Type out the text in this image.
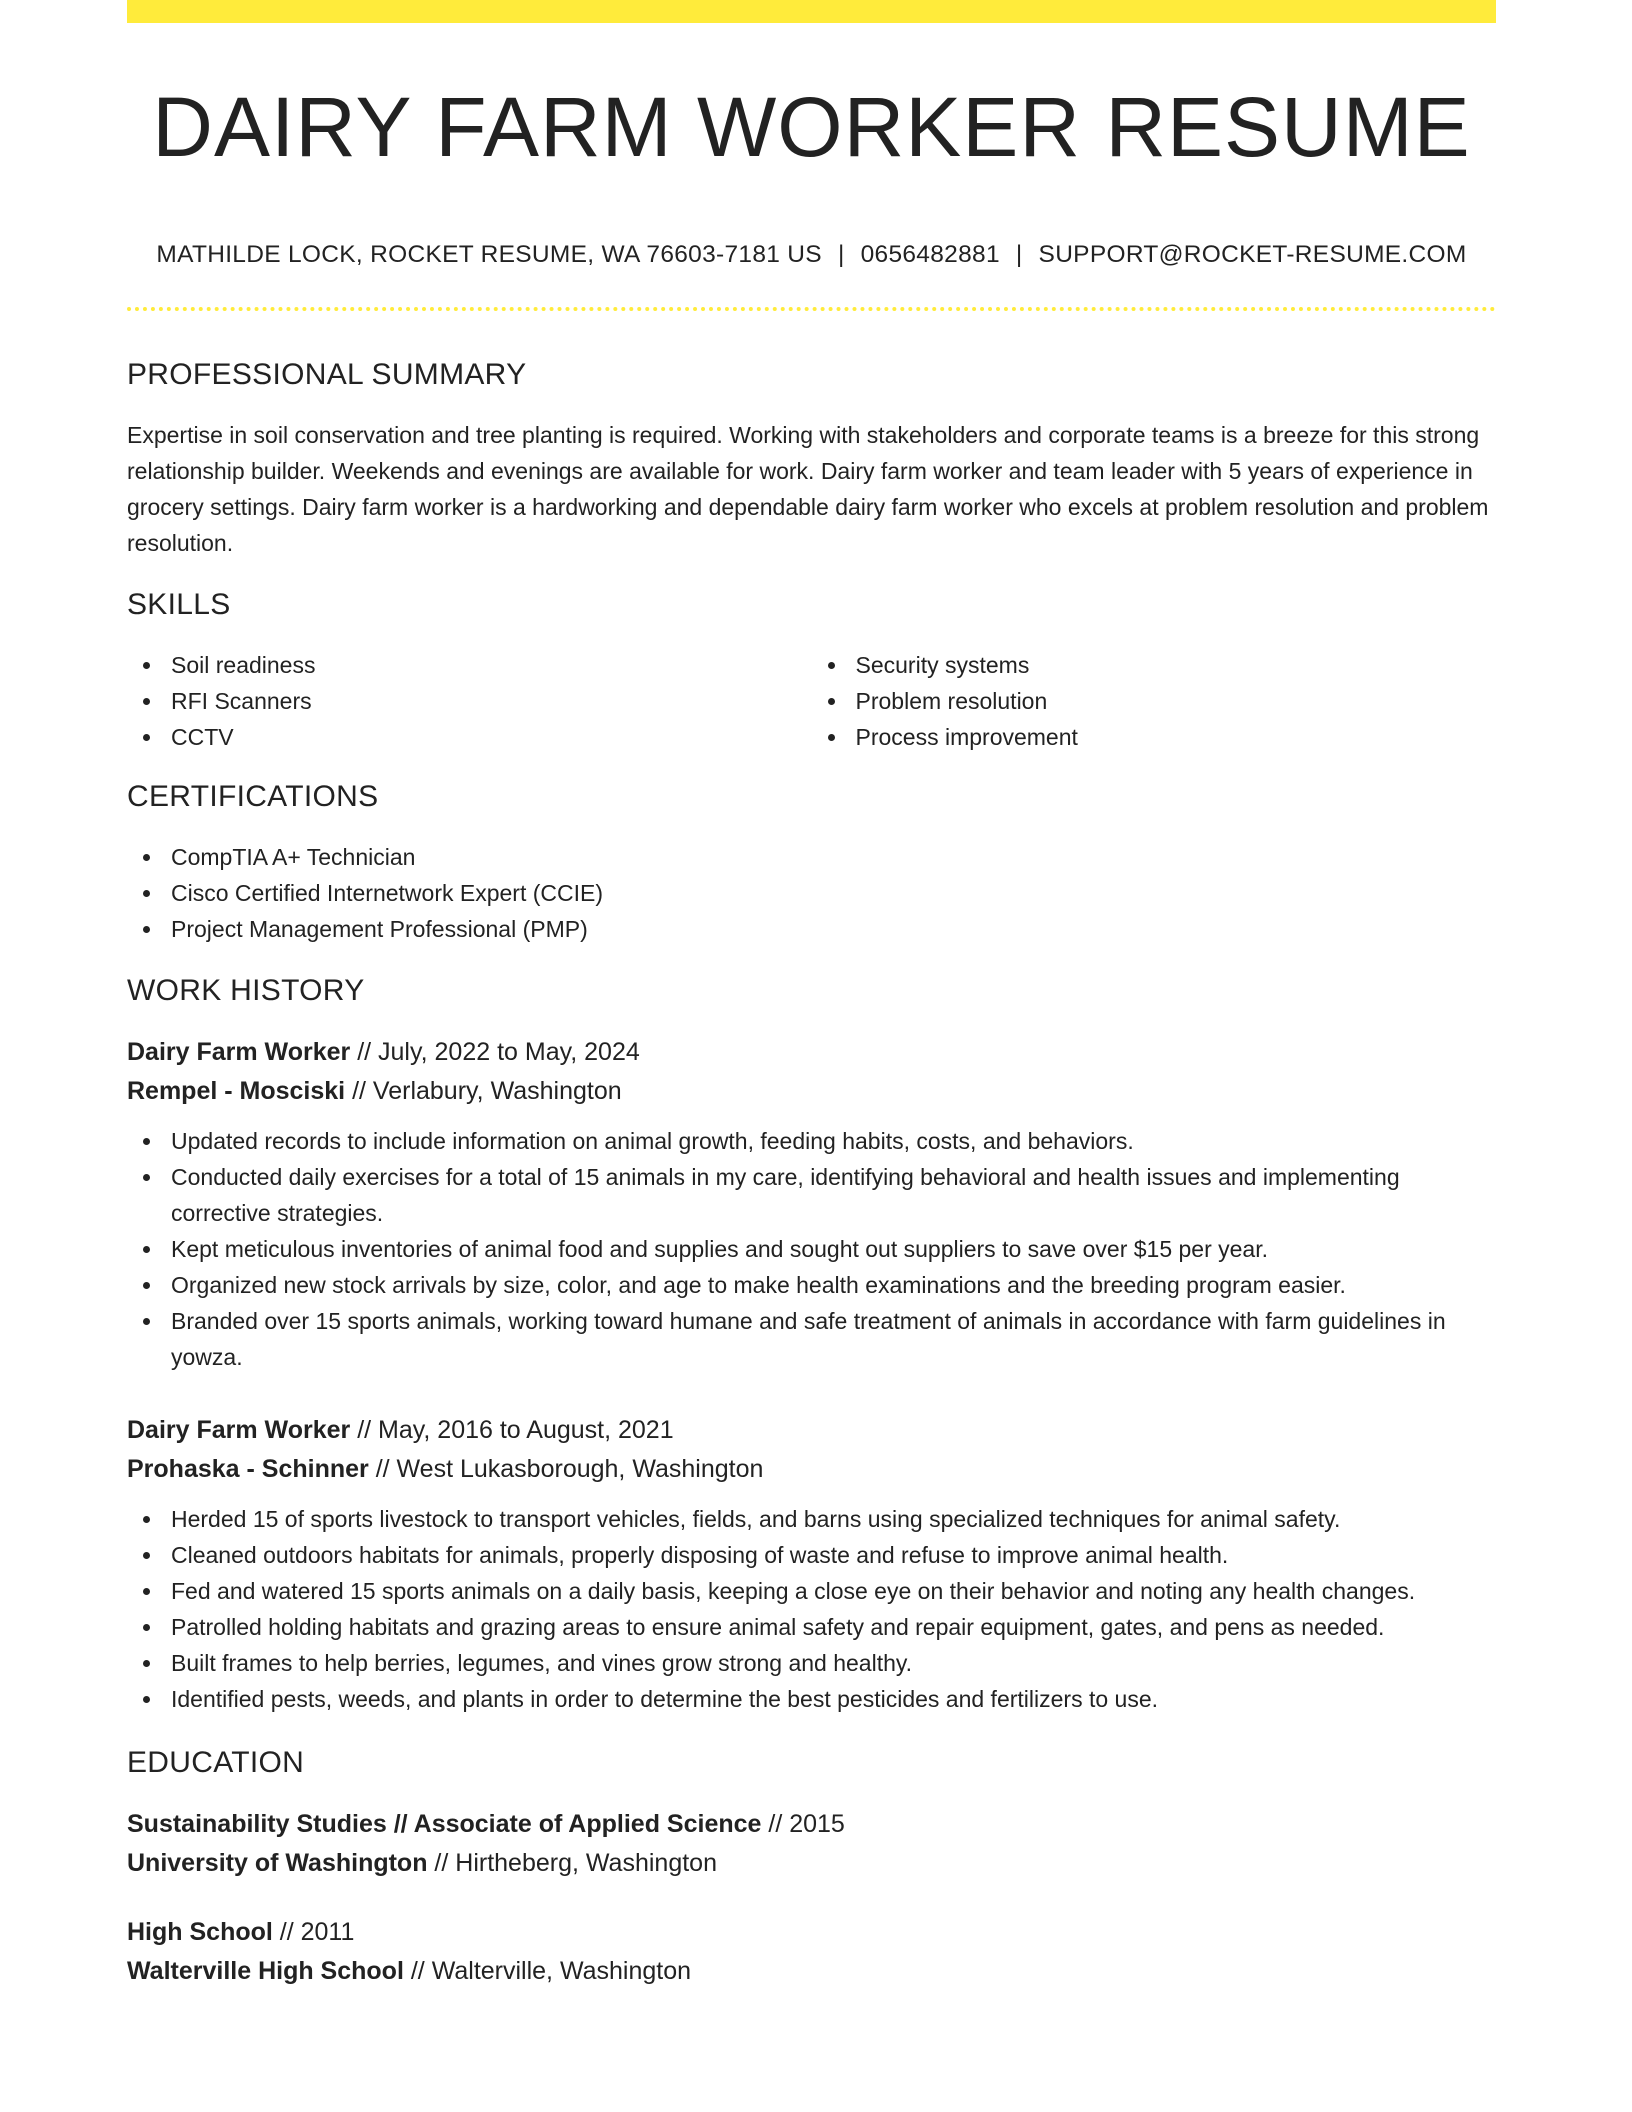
DAIRY FARM WORKER RESUME
MATHILDE LOCK, ROCKET RESUME, WA 76603-7181 US | 0656482881 | SUPPORT@ROCKET-RESUME.COM
PROFESSIONAL SUMMARY

Expertise in soil conservation and tree planting is required. Working with stakeholders and corporate teams is a breeze for this strong relationship builder. Weekends and evenings are available for work. Dairy farm worker and team leader with 5 years of experience in grocery settings. Dairy farm worker is a hardworking and dependable dairy farm worker who excels at problem resolution and problem resolution.

SKILLS
Soil readiness
RFI Scanners
CCTV
Security systems
Problem resolution
Process improvement
CERTIFICATIONS
CompTIA A+ Technician
Cisco Certified Internetwork Expert (CCIE)
Project Management Professional (PMP)
WORK HISTORY
Dairy Farm Worker // July, 2022 to May, 2024
Rempel - Mosciski // Verlabury, Washington
Updated records to include information on animal growth, feeding habits, costs, and behaviors.
Conducted daily exercises for a total of 15 animals in my care, identifying behavioral and health issues and implementing corrective strategies.
Kept meticulous inventories of animal food and supplies and sought out suppliers to save over $15 per year.
Organized new stock arrivals by size, color, and age to make health examinations and the breeding program easier.
Branded over 15 sports animals, working toward humane and safe treatment of animals in accordance with farm guidelines in yowza.
Dairy Farm Worker // May, 2016 to August, 2021
Prohaska - Schinner // West Lukasborough, Washington
Herded 15 of sports livestock to transport vehicles, fields, and barns using specialized techniques for animal safety.
Cleaned outdoors habitats for animals, properly disposing of waste and refuse to improve animal health.
Fed and watered 15 sports animals on a daily basis, keeping a close eye on their behavior and noting any health changes.
Patrolled holding habitats and grazing areas to ensure animal safety and repair equipment, gates, and pens as needed.
Built frames to help berries, legumes, and vines grow strong and healthy.
Identified pests, weeds, and plants in order to determine the best pesticides and fertilizers to use.
EDUCATION
Sustainability Studies // Associate of Applied Science // 2015
University of Washington // Hirtheberg, Washington
High School // 2011
Walterville High School // Walterville, Washington
